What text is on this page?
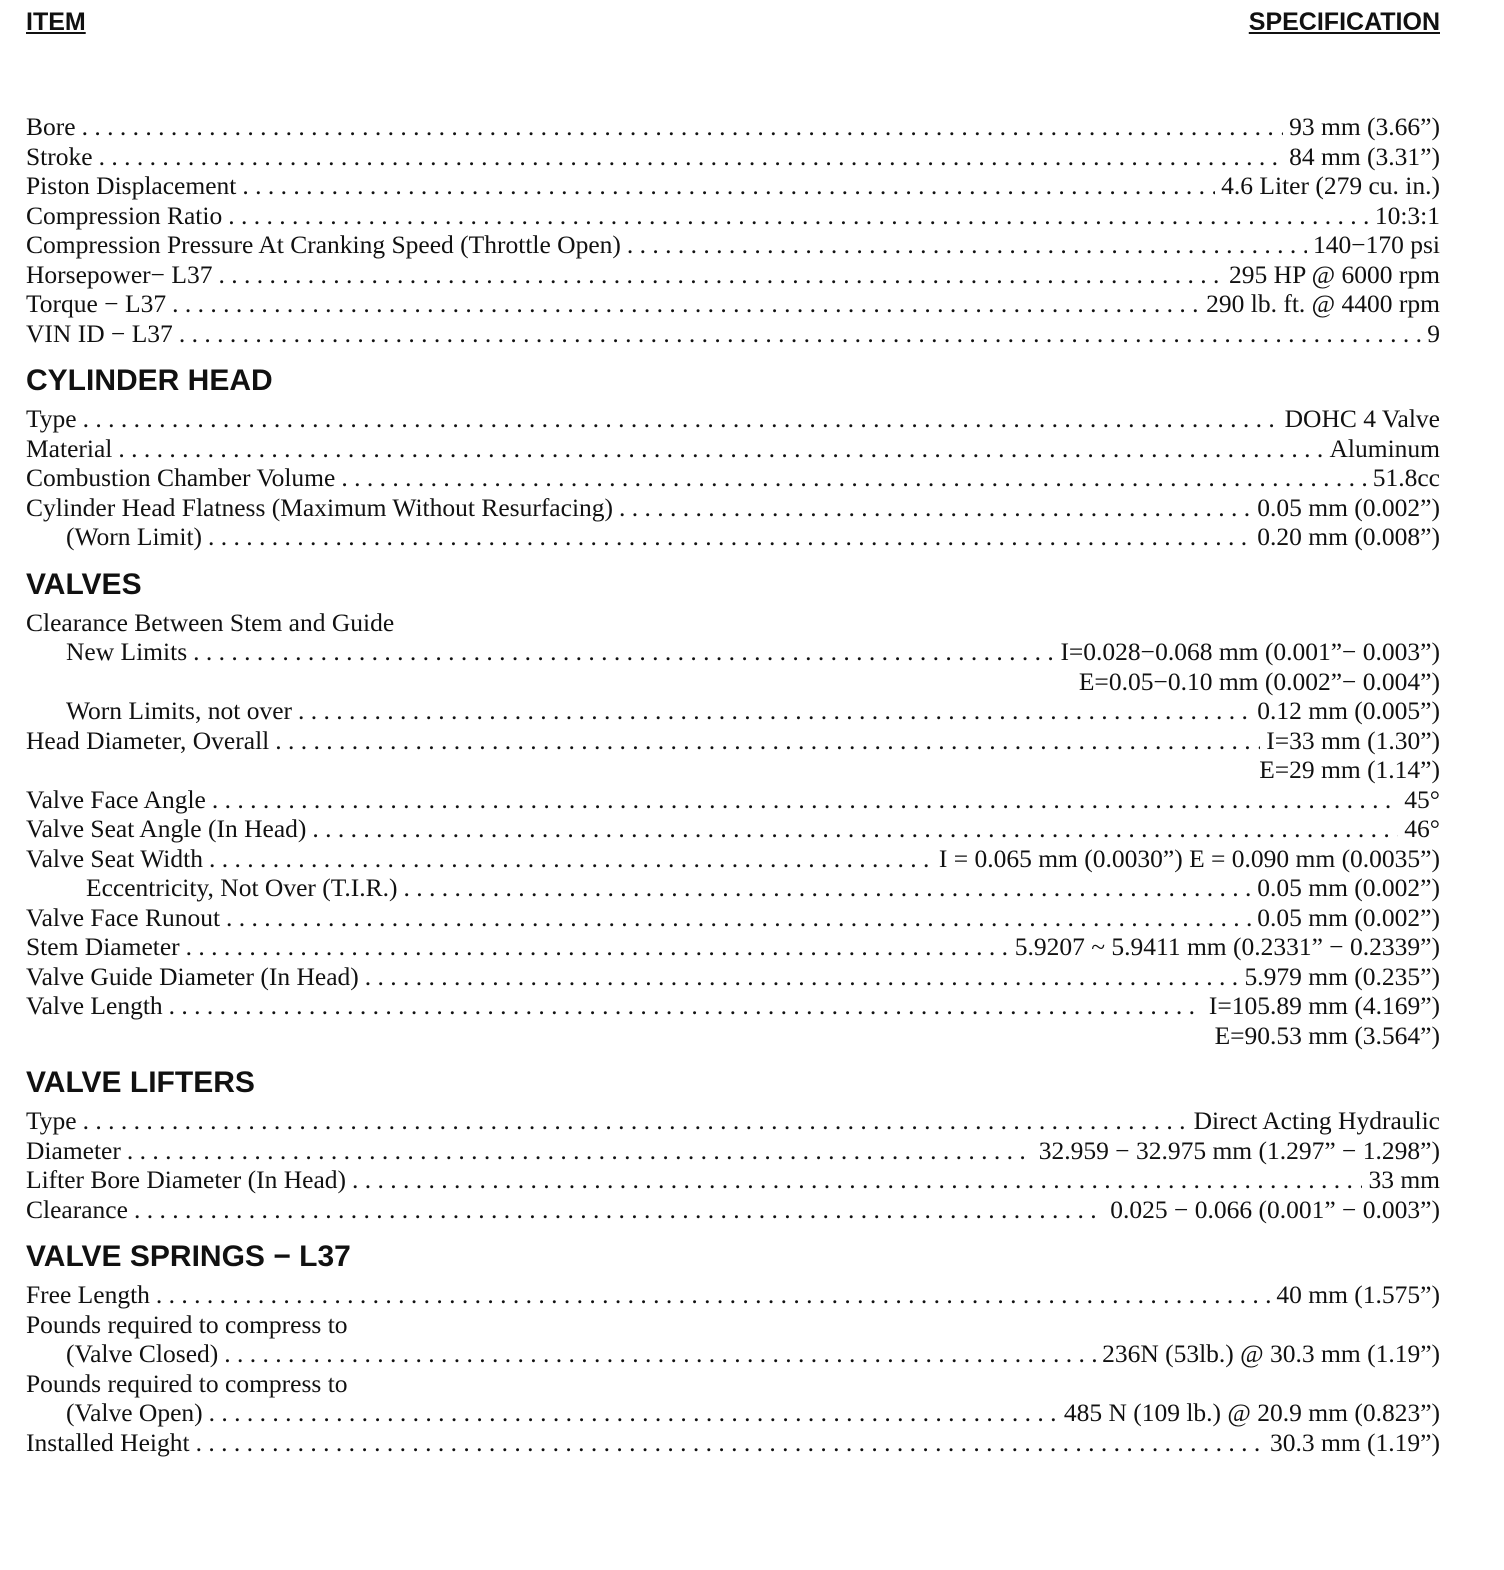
ITEM	SPECIFICATION
Bore . . .	93 mm (3.66”)
Stroke . . .	84 mm (3.31”)
Piston Displacement . . .	4.6 Liter (279 cu. in.)
Compression Ratio . . .	10:3:1
Compression Pressure At Cranking Speed (Throttle Open) . . .	140−170 psi
Horsepower− L37 . . .	295 HP @ 6000 rpm
Torque − L37 . . .	290 lb. ft. @ 4400 rpm
VIN ID − L37 . . .	9
CYLINDER HEAD
Type . . .	DOHC 4 Valve
Material . . .	Aluminum
Combustion Chamber Volume . . .	51.8cc
Cylinder Head Flatness (Maximum Without Resurfacing) . . .	0.05 mm (0.002”)
(Worn Limit) . . .	0.20 mm (0.008”)
VALVES
Clearance Between Stem and Guide
New Limits . . .	I=0.028−0.068 mm (0.001”− 0.003”)
E=0.05−0.10 mm (0.002”− 0.004”)
Worn Limits, not over . . .	0.12 mm (0.005”)
Head Diameter, Overall . . .	I=33 mm (1.30”)
E=29 mm (1.14”)
Valve Face Angle . . .	45°
Valve Seat Angle (In Head) . . .	46°
Valve Seat Width . . .	I = 0.065 mm (0.0030”) E = 0.090 mm (0.0035”)
Eccentricity, Not Over (T.I.R.) . . .	0.05 mm (0.002”)
Valve Face Runout . . .	0.05 mm (0.002”)
Stem Diameter . . .	5.9207 ~ 5.9411 mm (0.2331” − 0.2339”)
Valve Guide Diameter (In Head) . . .	5.979 mm (0.235”)
Valve Length . . .	I=105.89 mm (4.169”)
E=90.53 mm (3.564”)
VALVE LIFTERS
Type . . .	Direct Acting Hydraulic
Diameter . . .	32.959 − 32.975 mm (1.297” − 1.298”)
Lifter Bore Diameter (In Head) . . .	33 mm
Clearance . . .	0.025 − 0.066 (0.001” − 0.003”)
VALVE SPRINGS − L37
Free Length . . .	40 mm (1.575”)
Pounds required to compress to
(Valve Closed) . . .	236N (53lb.) @ 30.3 mm (1.19”)
Pounds required to compress to
(Valve Open) . . .	485 N (109 lb.) @ 20.9 mm (0.823”)
Installed Height . . .	30.3 mm (1.19”)
